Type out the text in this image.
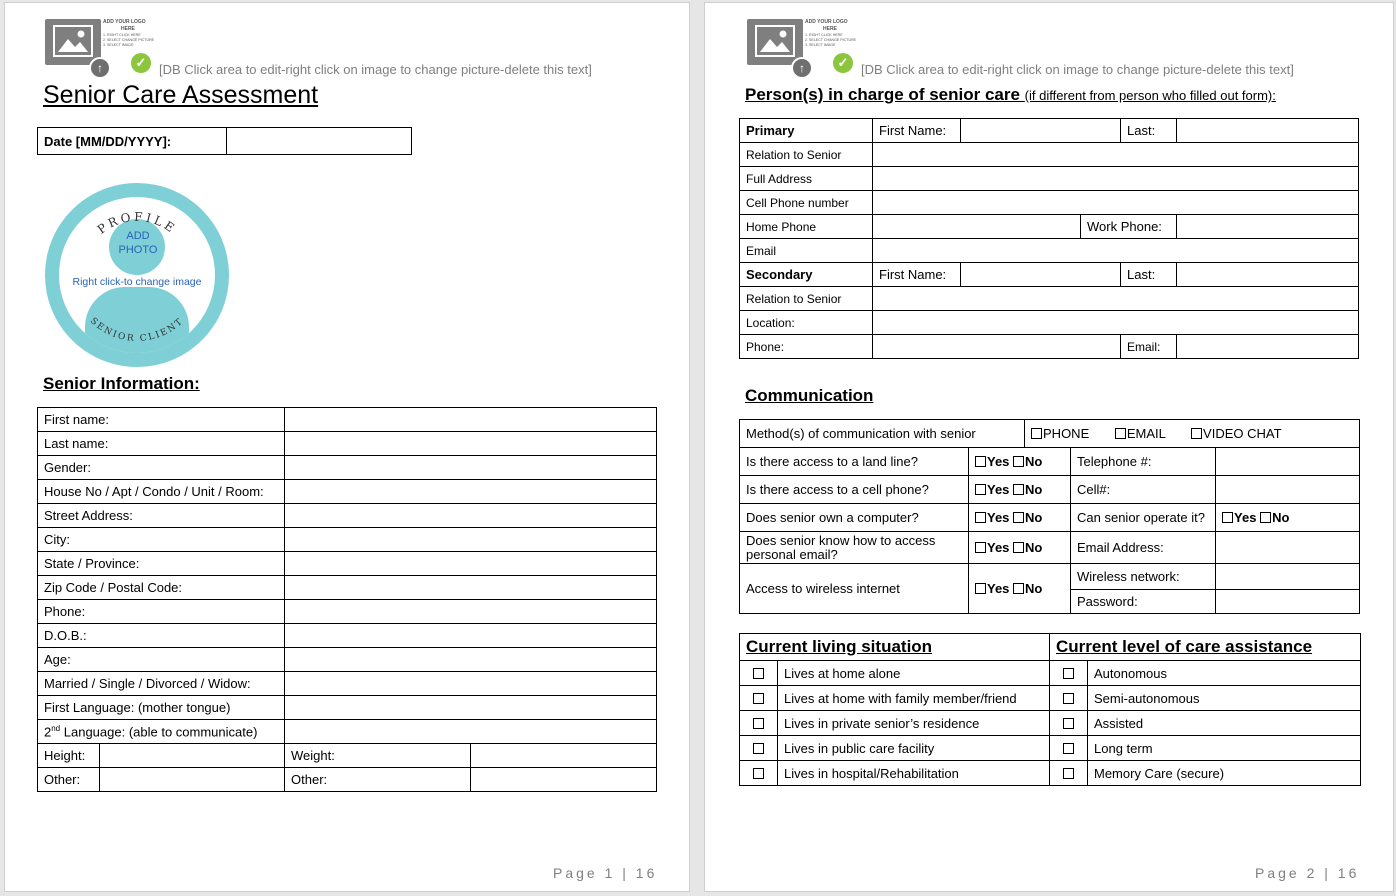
↑	✓
ADD YOUR LOGO
HERE
1. RIGHT CLICK HERE
2. SELECT CHANGE PICTURE
3. SELECT IMAGE
[DB Click area to edit-right click on image to change picture-delete this text]
Senior Care Assessment
Date [MM/DD/YYYY]:	
PROFILE
SENIOR CLIENT
ADD
PHOTO
Right click-to change image
Senior Information:
First name:			
Last name:			
Gender:			
House No / Apt / Condo / Unit / Room:			
Street Address:			
City:			
State / Province:			
Zip Code / Postal Code:			
Phone:			
D.O.B.:			
Age:			
Married / Single / Divorced / Widow:			
First Language: (mother tongue)			
2nd Language: (able to communicate)			
Height:		Weight:	
Other:		Other:	
Page 1 | 16
↑	✓
ADD YOUR LOGO
HERE
1. RIGHT CLICK HERE
2. SELECT CHANGE PICTURE
3. SELECT IMAGE
[DB Click area to edit-right click on image to change picture-delete this text]
Person(s) in charge of senior care (if different from person who filled out form):
Primary	First Name:			Last:	
Relation to Senior					
Full Address					
Cell Phone number					
Home Phone			Work Phone:		
Email					
Secondary	First Name:			Last:	
Relation to Senior					
Location:					
Phone:				Email:	
Communication
Method(s) of communication with senior		PHONE EMAIL VIDEO CHAT		
Is there access to a land line?	Yes No		Telephone #:	
Is there access to a cell phone?	Yes No		Cell#:	
Does senior own a computer?	Yes No		Can senior operate it?	Yes No
Does senior know how to access personal email?	Yes No		Email Address:	
Access to wireless internet	Yes No		Wireless network:	
			Password:	
Current living situation		Current level of care assistance	
	Lives at home alone		Autonomous
	Lives at home with family member/friend		Semi-autonomous
	Lives in private senior’s residence		Assisted
	Lives in public care facility		Long term
	Lives in hospital/Rehabilitation		Memory Care (secure)
Page 2 | 16
